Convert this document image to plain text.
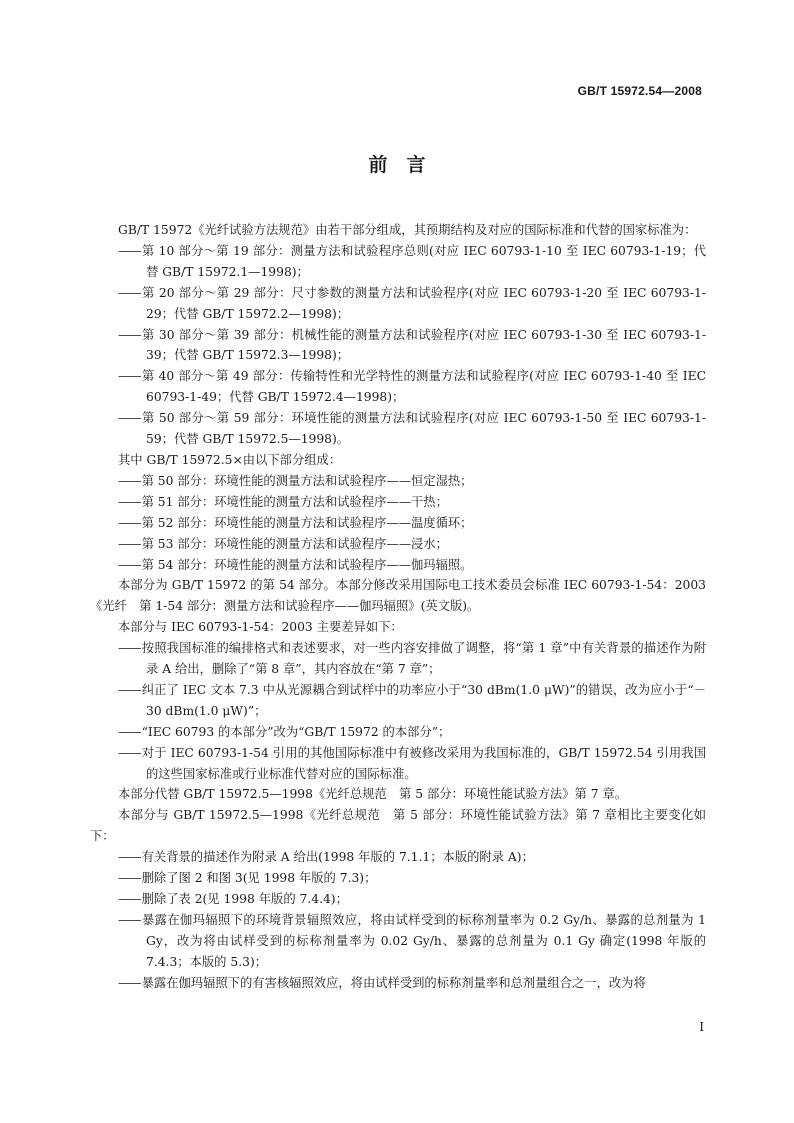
GB/T 15972.54—2008
前　言
GB/T 15972《光纤试验方法规范》由若干部分组成，其预期结构及对应的国际标准和代替的国家标准为：
—— 第 10 部分～第 19 部分：测量方法和试验程序总则(对应 IEC 60793-1-10 至 IEC 60793-1-19；代替 GB/T 15972.1—1998)；
—— 第 20 部分～第 29 部分：尺寸参数的测量方法和试验程序(对应 IEC 60793-1-20 至 IEC 60793-1-29；代替 GB/T 15972.2—1998)；
—— 第 30 部分～第 39 部分：机械性能的测量方法和试验程序(对应 IEC 60793-1-30 至 IEC 60793-1-39；代替 GB/T 15972.3—1998)；
—— 第 40 部分～第 49 部分：传输特性和光学特性的测量方法和试验程序(对应 IEC 60793-1-40 至 IEC 60793-1-49；代替 GB/T 15972.4—1998)；
—— 第 50 部分～第 59 部分：环境性能的测量方法和试验程序(对应 IEC 60793-1-50 至 IEC 60793-1-59；代替 GB/T 15972.5—1998)。
其中 GB/T 15972.5×由以下部分组成：
—— 第 50 部分：环境性能的测量方法和试验程序——恒定湿热；
—— 第 51 部分：环境性能的测量方法和试验程序——干热；
—— 第 52 部分：环境性能的测量方法和试验程序——温度循环；
—— 第 53 部分：环境性能的测量方法和试验程序——浸水；
—— 第 54 部分：环境性能的测量方法和试验程序——伽玛辐照。
本部分为 GB/T 15972 的第 54 部分。本部分修改采用国际电工技术委员会标准 IEC 60793-1-54：2003《光纤　第 1-54 部分：测量方法和试验程序——伽玛辐照》(英文版)。
本部分与 IEC 60793-1-54：2003 主要差异如下：
—— 按照我国标准的编排格式和表述要求，对一些内容安排做了调整，将“第 1 章”中有关背景的描述作为附录 A 给出，删除了“第 8 章”，其内容放在“第 7 章”；
—— 纠正了 IEC 文本 7.3 中从光源耦合到试样中的功率应小于“30 dBm(1.0 μW)”的错误，改为应小于“－30 dBm(1.0 μW)”；
—— “IEC 60793 的本部分”改为“GB/T 15972 的本部分”；
—— 对于 IEC 60793-1-54 引用的其他国际标准中有被修改采用为我国标准的，GB/T 15972.54 引用我国的这些国家标准或行业标准代替对应的国际标准。
本部分代替 GB/T 15972.5—1998《光纤总规范　第 5 部分：环境性能试验方法》第 7 章。
本部分与 GB/T 15972.5—1998《光纤总规范　第 5 部分：环境性能试验方法》第 7 章相比主要变化如下：
—— 有关背景的描述作为附录 A 给出(1998 年版的 7.1.1；本版的附录 A)；
—— 删除了图 2 和图 3(见 1998 年版的 7.3)；
—— 删除了表 2(见 1998 年版的 7.4.4)；
—— 暴露在伽玛辐照下的环境背景辐照效应，将由试样受到的标称剂量率为 0.2 Gy/h、暴露的总剂量为 1 Gy，改为将由试样受到的标称剂量率为 0.02 Gy/h、暴露的总剂量为 0.1 Gy 确定(1998 年版的 7.4.3；本版的 5.3)；
—— 暴露在伽玛辐照下的有害核辐照效应，将由试样受到的标称剂量率和总剂量组合之一，改为将
I
